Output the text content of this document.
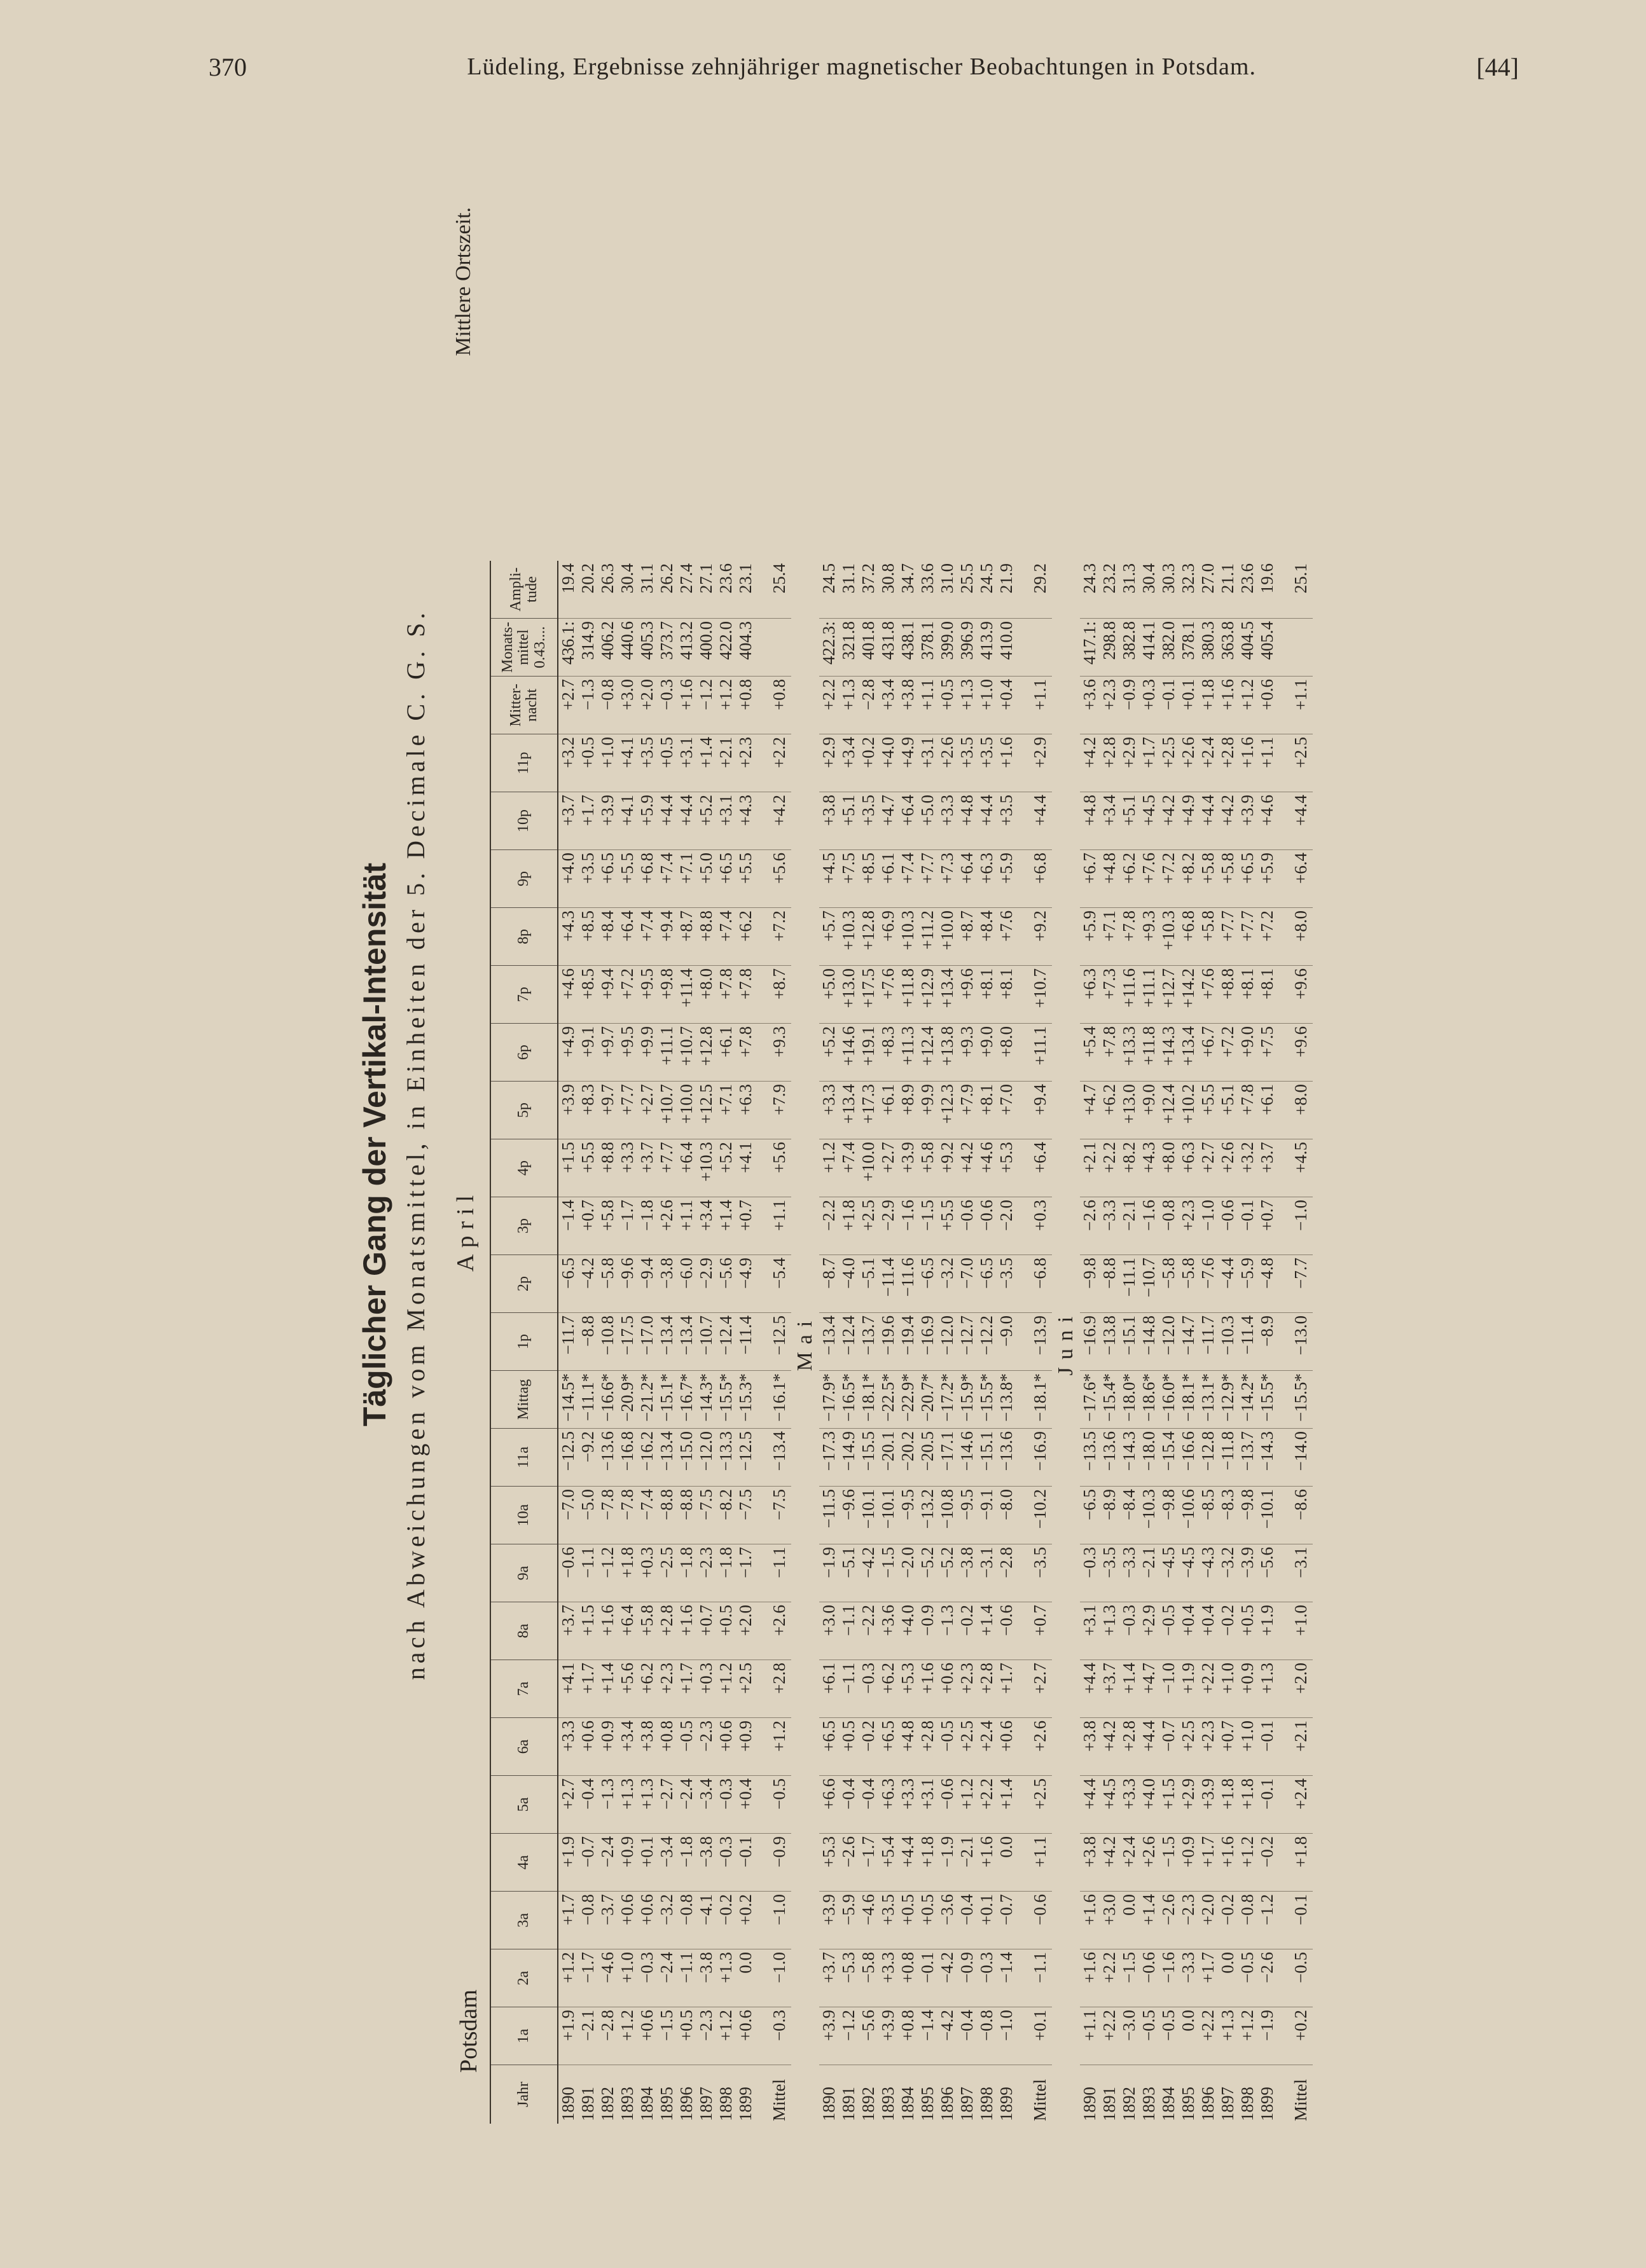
370	Lüdeling, Ergebnisse zehnjähriger magnetischer Beobachtungen in Potsdam.	[44]
Täglicher Gang der Vertikal-Intensität nach Abweichungen vom Monatsmittel, in Einheiten der 5. Decimale C. G. S.
Potsdam
April
Mittlere Ortszeit.
Jahr	1a	2a	3a	4a	5a	6a	7a	8a	9a	10a	11a	Mittag	1p	2p	3p	4p	5p	6p	7p	8p	9p	10p	11p	Mitter-nacht	Monats-mittel 0.43....	Ampli-tude
1890	+1.9	+1.2	+1.7	+1.9	+2.7	+3.3	+4.1	+3.7	−0.6	−7.0	−12.5	−14.5*	−11.7	−6.5	−1.4	+1.5	+3.9	+4.9	+4.6	+4.3	+4.0	+3.7	+3.2	+2.7	436.1:	19.4
1891	−2.1	−1.7	−0.8	−0.7	−0.4	+0.6	+1.7	+1.5	−1.1	−5.0	−9.2	−11.1*	−8.8	−4.2	+0.7	+5.5	+8.3	+9.1	+8.5	+8.5	+3.5	+1.7	+0.5	−1.3	314.9	20.2
1892	−2.8	−4.6	−3.7	−2.4	−1.3	+0.9	+1.4	+1.6	−1.2	−7.8	−13.6	−16.6*	−10.8	−5.8	+5.8	+8.8	+9.7	+9.7	+9.4	+8.4	+6.5	+3.9	+1.0	−0.8	406.2	26.3
1893	+1.2	+1.0	+0.6	+0.9	+1.3	+3.4	+5.6	+6.4	+1.8	−7.8	−16.8	−20.9*	−17.5	−9.6	−1.7	+3.3	+7.7	+9.5	+7.2	+6.4	+5.5	+4.1	+4.1	+3.0	440.6	30.4
1894	+0.6	−0.3	+0.6	+0.1	+1.3	+3.8	+6.2	+5.8	+0.3	−7.4	−16.2	−21.2*	−17.0	−9.4	−1.8	+3.7	+2.7	+9.9	+9.5	+7.4	+6.8	+5.9	+3.5	+2.0	405.3	31.1
1895	−1.5	−2.4	−3.2	−3.4	−2.7	+0.8	+2.3	+2.8	−2.5	−8.8	−13.4	−15.1*	−13.4	−3.8	+2.6	+7.7	+10.7	+11.1	+9.8	+9.4	+7.4	+4.4	+0.5	−0.3	373.7	26.2
1896	+0.5	−1.1	−0.8	−1.8	−2.4	−0.5	+1.7	+1.6	−1.8	−8.8	−15.0	−16.7*	−13.4	−6.0	+1.1	+6.4	+10.0	+10.7	+11.4	+8.7	+7.1	+4.4	+3.1	+1.6	413.2	27.4
1897	−2.3	−3.8	−4.1	−3.8	−3.4	−2.3	+0.3	+0.7	−2.3	−7.5	−12.0	−14.3*	−10.7	−2.9	+3.4	+10.3	+12.5	+12.8	+8.0	+8.8	+5.0	+5.2	+1.4	−1.2	400.0	27.1
1898	+1.2	+1.3	−0.2	−0.3	−0.3	+0.6	+1.2	+0.5	−1.8	−8.2	−13.3	−15.5*	−12.4	−5.6	+1.4	+5.2	+7.1	+6.1	+7.8	+7.4	+6.5	+3.1	+2.1	+1.2	422.0	23.6
1899	+0.6	0.0	+0.2	−0.1	+0.4	+0.9	+2.5	+2.0	−1.7	−7.5	−12.5	−15.3*	−11.4	−4.9	+0.7	+4.1	+6.3	+7.8	+7.8	+6.2	+5.5	+4.3	+2.3	+0.8	404.3	23.1
Mittel	−0.3	−1.0	−1.0	−0.9	−0.5	+1.2	+2.8	+2.6	−1.1	−7.5	−13.4	−16.1*	−12.5	−5.4	+1.1	+5.6	+7.9	+9.3	+8.7	+7.2	+5.6	+4.2	+2.2	+0.8		25.4
Mai																										
1890	+3.9	+3.7	+3.9	+5.3	+6.6	+6.5	+6.1	+3.0	−1.9	−11.5	−17.3	−17.9*	−13.4	−8.7	−2.2	+1.2	+3.3	+5.2	+5.0	+5.7	+4.5	+3.8	+2.9	+2.2	422.3:	24.5
1891	−1.2	−5.3	−5.9	−2.6	−0.4	+0.5	−1.1	−1.1	−5.1	−9.6	−14.9	−16.5*	−12.4	−4.0	+1.8	+7.4	+13.4	+14.6	+13.0	+10.3	+7.5	+5.1	+3.4	+1.3	321.8	31.1
1892	−5.6	−5.8	−4.6	−1.7	−0.4	−0.2	−0.3	−2.2	−4.2	−10.1	−15.5	−18.1*	−13.7	−5.1	+2.5	+10.0	+17.3	+19.1	+17.5	+12.8	+8.5	+3.5	+0.2	−2.8	401.8	37.2
1893	+3.9	+3.3	+3.5	+5.4	+6.3	+6.5	+6.2	+3.6	−1.5	−10.1	−20.1	−22.5*	−19.6	−11.4	−2.9	+2.7	+6.1	+8.3	+7.6	+6.9	+6.1	+4.7	+4.0	+3.4	431.8	30.8
1894	+0.8	+0.8	+0.5	+4.4	+3.3	+4.8	+5.3	+4.0	−2.0	−9.5	−20.2	−22.9*	−19.4	−11.6	−1.6	+3.9	+8.9	+11.3	+11.8	+10.3	+7.4	+6.4	+4.9	+3.8	438.1	34.7
1895	−1.4	−0.1	+0.5	+1.8	+3.1	+2.8	+1.6	−0.9	−5.2	−13.2	−20.5	−20.7*	−16.9	−6.5	−1.5	+5.8	+9.9	+12.4	+12.9	+11.2	+7.7	+5.0	+3.1	+1.1	378.1	33.6
1896	−4.2	−4.2	−3.6	−1.9	−0.6	−0.5	+0.6	−1.3	−5.2	−10.8	−17.1	−17.2*	−12.0	−3.2	+5.5	+9.2	+12.3	+13.8	+13.4	+10.0	+7.3	+3.3	+2.6	+0.5	399.0	31.0
1897	−0.4	−0.9	−0.4	−2.1	+1.2	+2.5	+2.3	−0.2	−3.8	−9.5	−14.6	−15.9*	−12.7	−7.0	−0.6	+4.2	+7.9	+9.3	+9.6	+8.7	+6.4	+4.8	+3.5	+1.3	396.9	25.5
1898	−0.8	−0.3	+0.1	+1.6	+2.2	+2.4	+2.8	+1.4	−3.1	−9.1	−15.1	−15.5*	−12.2	−6.5	−0.6	+4.6	+8.1	+9.0	+8.1	+8.4	+6.3	+4.4	+3.5	+1.0	413.9	24.5
1899	−1.0	−1.4	−0.7	0.0	+1.4	+0.6	+1.7	−0.6	−2.8	−8.0	−13.6	−13.8*	−9.0	−3.5	−2.0	+5.3	+7.0	+8.0	+8.1	+7.6	+5.9	+3.5	+1.6	+0.4	410.0	21.9
Mittel	+0.1	−1.1	−0.6	+1.1	+2.5	+2.6	+2.7	+0.7	−3.5	−10.2	−16.9	−18.1*	−13.9	−6.8	+0.3	+6.4	+9.4	+11.1	+10.7	+9.2	+6.8	+4.4	+2.9	+1.1		29.2
Juni																										
1890	+1.1	+1.6	+1.6	+3.8	+4.4	+3.8	+4.4	+3.1	−0.3	−6.5	−13.5	−17.6*	−16.9	−9.8	−2.6	+2.1	+4.7	+5.4	+6.3	+5.9	+6.7	+4.8	+4.2	+3.6	417.1:	24.3
1891	+2.2	+2.2	+3.0	+4.2	+4.5	+4.2	+3.7	+1.3	−3.5	−8.9	−13.6	−15.4*	−13.8	−8.8	−3.3	+2.2	+6.2	+7.8	+7.3	+7.1	+4.8	+3.4	+2.8	+2.3	298.8	23.2
1892	−3.0	−1.5	0.0	+2.4	+3.3	+2.8	+1.4	−0.3	−3.3	−8.4	−14.3	−18.0*	−15.1	−11.1	−2.1	+8.2	+13.0	+13.3	+11.6	+7.8	+6.2	+5.1	+2.9	−0.9	382.8	31.3
1893	−0.5	−0.6	+1.4	+2.6	+4.0	+4.4	+4.7	+2.9	−2.1	−10.3	−18.0	−18.6*	−14.8	−10.7	−1.6	+4.3	+9.0	+11.8	+11.1	+9.3	+7.6	+4.5	+1.7	+0.3	414.1	30.4
1894	−0.5	−1.6	−2.6	−1.5	+1.5	−0.7	−1.0	−0.5	−4.5	−9.8	−15.4	−16.0*	−12.0	−5.8	−0.8	+8.0	+12.4	+14.3	+12.7	+10.3	+7.2	+4.2	+2.5	−0.1	382.0	30.3
1895	0.0	−3.3	−2.3	+0.9	+2.9	+2.5	+1.9	+0.4	−4.5	−10.6	−16.6	−18.1*	−14.7	−5.8	+2.3	+6.3	+10.2	+13.4	+14.2	+6.8	+8.2	+4.9	+2.6	+0.1	378.1	32.3
1896	+2.2	+1.7	+2.0	+1.7	+3.9	+2.3	+2.2	+0.4	−4.3	−8.5	−12.8	−13.1*	−11.7	−7.6	−1.0	+2.7	+5.5	+6.7	+7.6	+5.8	+5.8	+4.4	+2.4	+1.8	380.3	27.0
1897	+1.3	0.0	−0.2	+1.6	+1.8	+0.7	+1.0	−0.2	−3.2	−8.3	−11.8	−12.9*	−10.3	−4.4	−0.6	+2.6	+5.1	+7.2	+8.8	+7.7	+5.8	+4.2	+2.8	+1.6	363.8	21.1
1898	+1.2	−0.5	−0.8	+1.2	+1.8	+1.0	+0.9	+0.5	−3.9	−9.8	−13.7	−14.2*	−11.4	−5.9	−0.1	+3.2	+7.8	+9.0	+8.1	+7.7	+6.5	+3.9	+1.6	+1.2	404.5	23.6
1899	−1.9	−2.6	−1.2	−0.2	−0.1	−0.1	+1.3	+1.9	−5.6	−10.1	−14.3	−15.5*	−8.9	−4.8	+0.7	+3.7	+6.1	+7.5	+8.1	+7.2	+5.9	+4.6	+1.1	+0.6	405.4	19.6
Mittel	+0.2	−0.5	−0.1	+1.8	+2.4	+2.1	+2.0	+1.0	−3.1	−8.6	−14.0	−15.5*	−13.0	−7.7	−1.0	+4.5	+8.0	+9.6	+9.6	+8.0	+6.4	+4.4	+2.5	+1.1		25.1
